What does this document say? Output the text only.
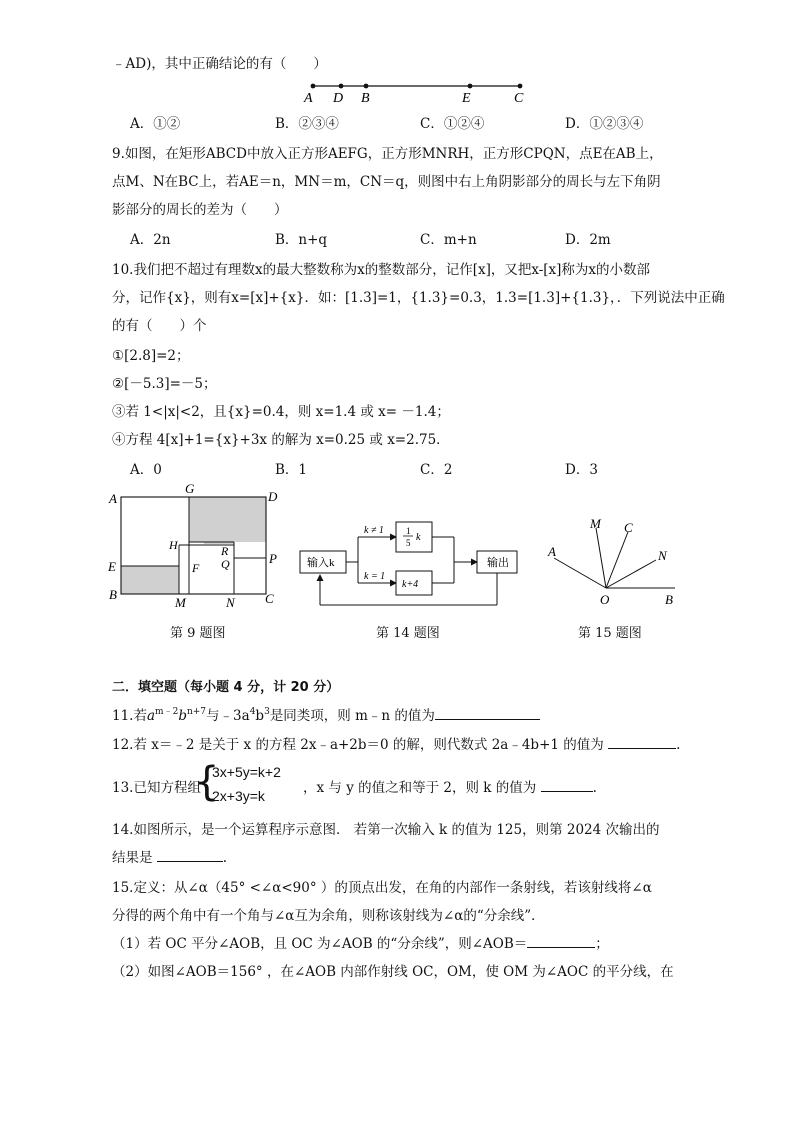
﹣AD)，其中正确结论的有（　　）
A D B	E	C
A．①②	B．②③④	C．①②④	D．①②③④
9.如图，在矩形ABCD中放入正方形AEFG，正方形MNRH，正方形CPQN，点E在AB上，
点M、N在BC上，若AE＝n，MN＝m，CN＝q，则图中右上角阴影部分的周长与左下角阴
影部分的周长的差为（　　）
A．2n	B．n+q	C．m+n	D．2m
10.我们把不超过有理数x的最大整数称为x的整数部分，记作[x]，又把x-[x]称为x的小数部
分，记作{x}，则有x=[x]+{x}．如：[1.3]=1，{1.3}=0.3，1.3=[1.3]+{1.3}，．下列说法中正确
的有（　　）个
①[2.8]=2；
②[－5.3]=－5；
③若 1<|x|<2，且{x}=0.4，则 x=1.4 或 x= －1.4；
④方程 4[x]+1={x}+3x 的解为 x=0.25 或 x=2.75．
A．0	B．1	C．2	D．3
A
G
D
H	R
Q	P
E	F
B
M	N C
第 9 题图
输入k
k ≠ 1
k = 1
1
5 k
k+4
输出
第 14 题图
M C
A	N
O	B
第 15 题图
二．填空题（每小题 4 分，计 20 分）
11.若$a^{m﹣2}b^{n+7}$与$﹣3a^4b^3$是同类项，则 m﹣n 的值为
12.若 x＝﹣2 是关于 x 的方程 2x﹣a+2b＝0 的解，则代数式 2a﹣4b+1 的值为	.
13.已知方程组
{
3x+5y=k+2
2x+3y=k	，x 与 y 的值之和等于 2，则 k 的值为	.
14.如图所示，是一个运算程序示意图． 若第一次输入 k 的值为 125，则第 2024 次输出的
结果是	.
15.定义：从∠α（45° <∠α<90° ）的顶点出发，在角的内部作一条射线，若该射线将∠α
分得的两个角中有一个角与∠α互为余角，则称该射线为∠α的“分余线”．
（1）若 OC 平分∠AOB，且 OC 为∠AOB 的“分余线”，则∠AOB＝	；
（2）如图∠AOB＝156° ，在∠AOB 内部作射线 OC，OM，使 OM 为∠AOC 的平分线，在
